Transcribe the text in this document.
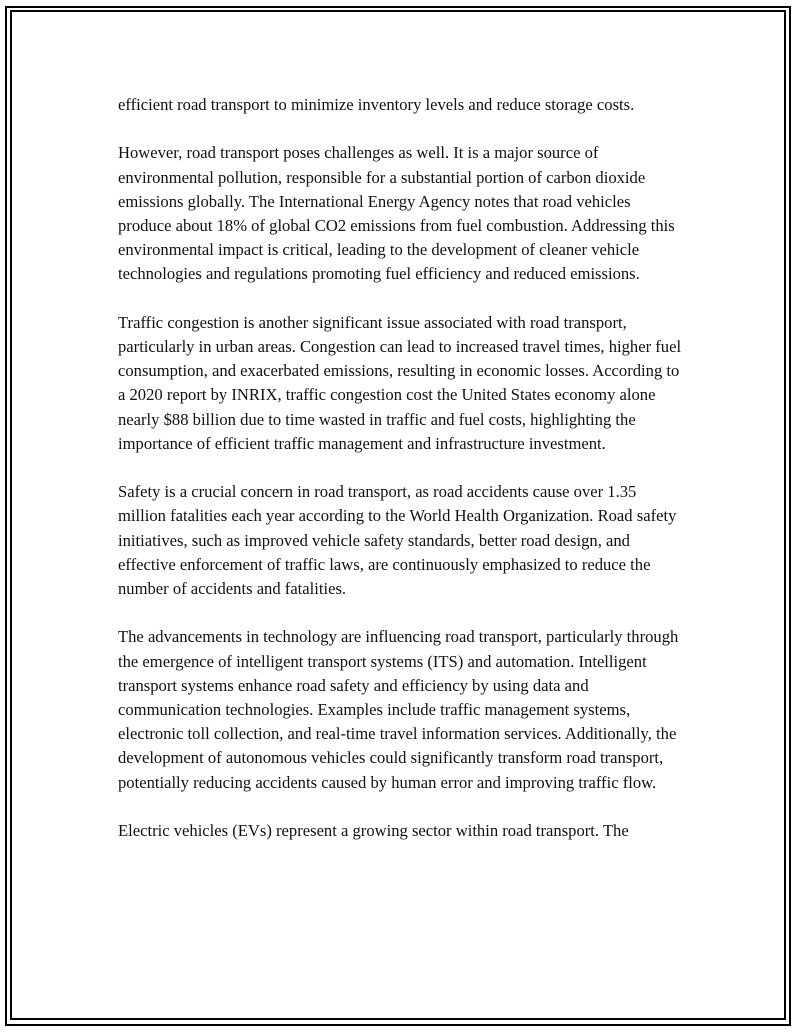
efficient road transport to minimize inventory levels and reduce storage costs.

However, road transport poses challenges as well. It is a major source of environmental pollution, responsible for a substantial portion of carbon dioxide emissions globally. The International Energy Agency notes that road vehicles produce about 18% of global CO2 emissions from fuel combustion. Addressing this environmental impact is critical, leading to the development of cleaner vehicle technologies and regulations promoting fuel efficiency and reduced emissions.

Traffic congestion is another significant issue associated with road transport, particularly in urban areas. Congestion can lead to increased travel times, higher fuel consumption, and exacerbated emissions, resulting in economic losses. According to a 2020 report by INRIX, traffic congestion cost the United States economy alone nearly $88 billion due to time wasted in traffic and fuel costs, highlighting the importance of efficient traffic management and infrastructure investment.

Safety is a crucial concern in road transport, as road accidents cause over 1.35 million fatalities each year according to the World Health Organization. Road safety initiatives, such as improved vehicle safety standards, better road design, and effective enforcement of traffic laws, are continuously emphasized to reduce the number of accidents and fatalities.

The advancements in technology are influencing road transport, particularly through the emergence of intelligent transport systems (ITS) and automation. Intelligent transport systems enhance road safety and efficiency by using data and communication technologies. Examples include traffic management systems, electronic toll collection, and real-time travel information services. Additionally, the development of autonomous vehicles could significantly transform road transport, potentially reducing accidents caused by human error and improving traffic flow.

Electric vehicles (EVs) represent a growing sector within road transport. The
